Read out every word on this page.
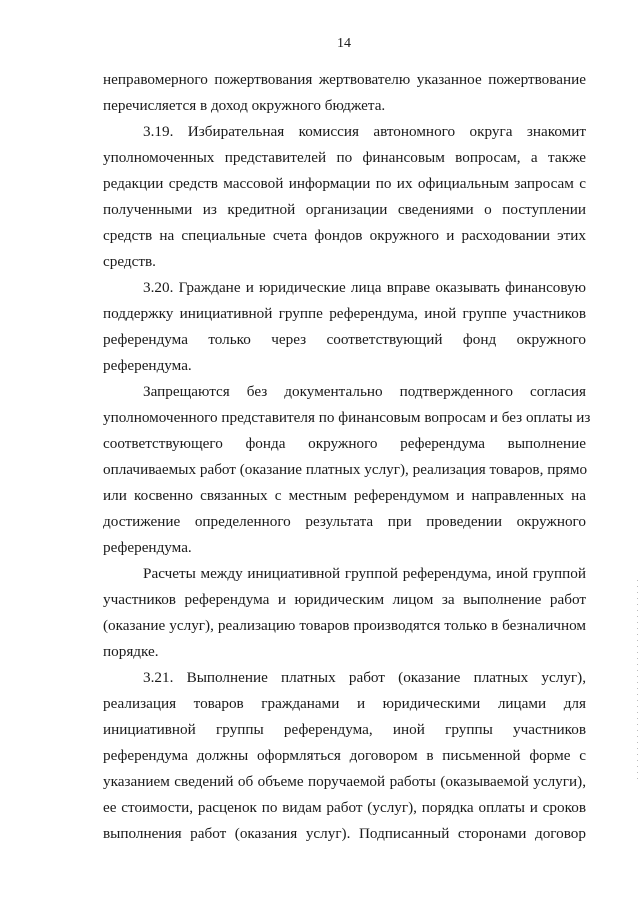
14
неправомерного пожертвования жертвователю указанное пожертвование
перечисляется в доход окружного бюджета.
3.19. Избирательная комиссия автономного округа знакомит
уполномоченных представителей по финансовым вопросам, а также
редакции средств массовой информации по их официальным запросам с
полученными из кредитной организации сведениями о поступлении
средств на специальные счета фондов окружного и расходовании этих
средств.
3.20. Граждане и юридические лица вправе оказывать финансовую
поддержку инициативной группе референдума, иной группе участников
референдума только через соответствующий фонд окружного
референдума.
Запрещаются без документально подтвержденного согласия
уполномоченного представителя по финансовым вопросам и без оплаты из
соответствующего фонда окружного референдума выполнение
оплачиваемых работ (оказание платных услуг), реализация товаров, прямо
или косвенно связанных с местным референдумом и направленных на
достижение определенного результата при проведении окружного
референдума.
Расчеты между инициативной группой референдума, иной группой
участников референдума и юридическим лицом за выполнение работ
(оказание услуг), реализацию товаров производятся только в безналичном
порядке.
3.21. Выполнение платных работ (оказание платных услуг),
реализация товаров гражданами и юридическими лицами для
инициативной группы референдума, иной группы участников
референдума должны оформляться договором в письменной форме с
указанием сведений об объеме поручаемой работы (оказываемой услуги),
ее стоимости, расценок по видам работ (услуг), порядка оплаты и сроков
выполнения работ (оказания услуг). Подписанный сторонами договор
